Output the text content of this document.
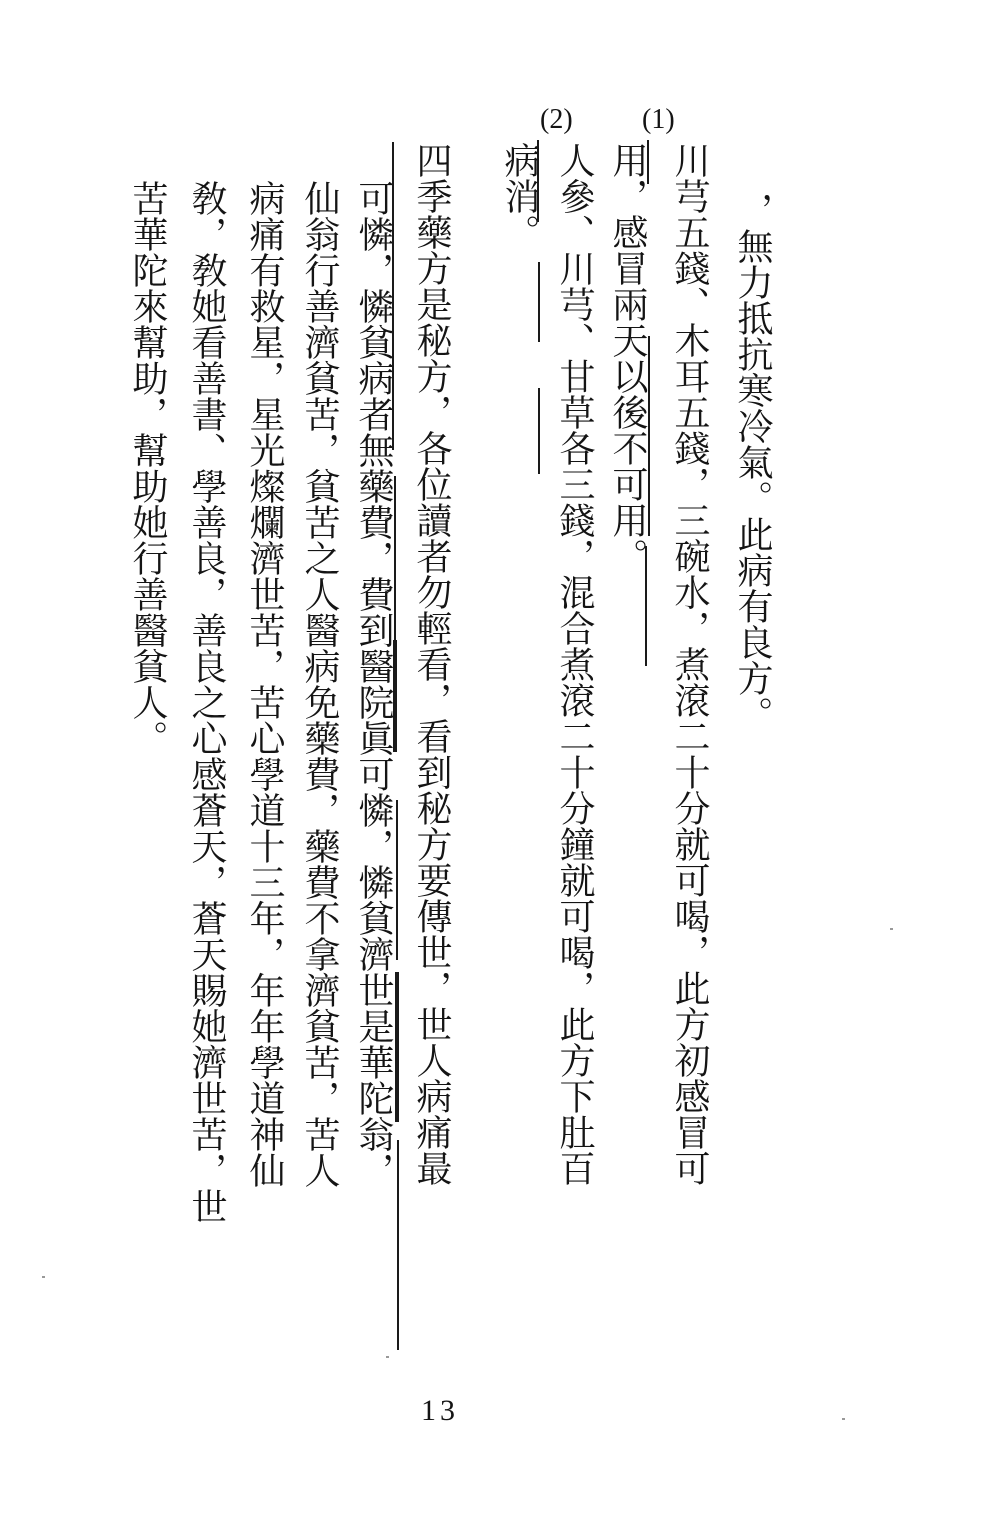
(1)
(2)
，無力抵抗寒冷氣。此病有良方。
川芎五錢、木耳五錢，三碗水，煮滾二十分就可喝，此方初感冒可
用，感冒兩天以後不可用。
人參、川芎、甘草各三錢，混合煮滾二十分鐘就可喝，此方下肚百
病消。
四季藥方是秘方，各位讀者勿輕看，看到秘方要傳世，世人病痛最
可憐，憐貧病者無藥費，費到醫院眞可憐，憐貧濟世是華陀翁，
仙翁行善濟貧苦，貧苦之人醫病免藥費，藥費不拿濟貧苦，苦人
病痛有救星，星光燦爛濟世苦，苦心學道十三年，年年學道神仙
敎，敎她看善書、學善良，善良之心感蒼天，蒼天賜她濟世苦，世
苦華陀來幫助，幫助她行善醫貧人。
13
